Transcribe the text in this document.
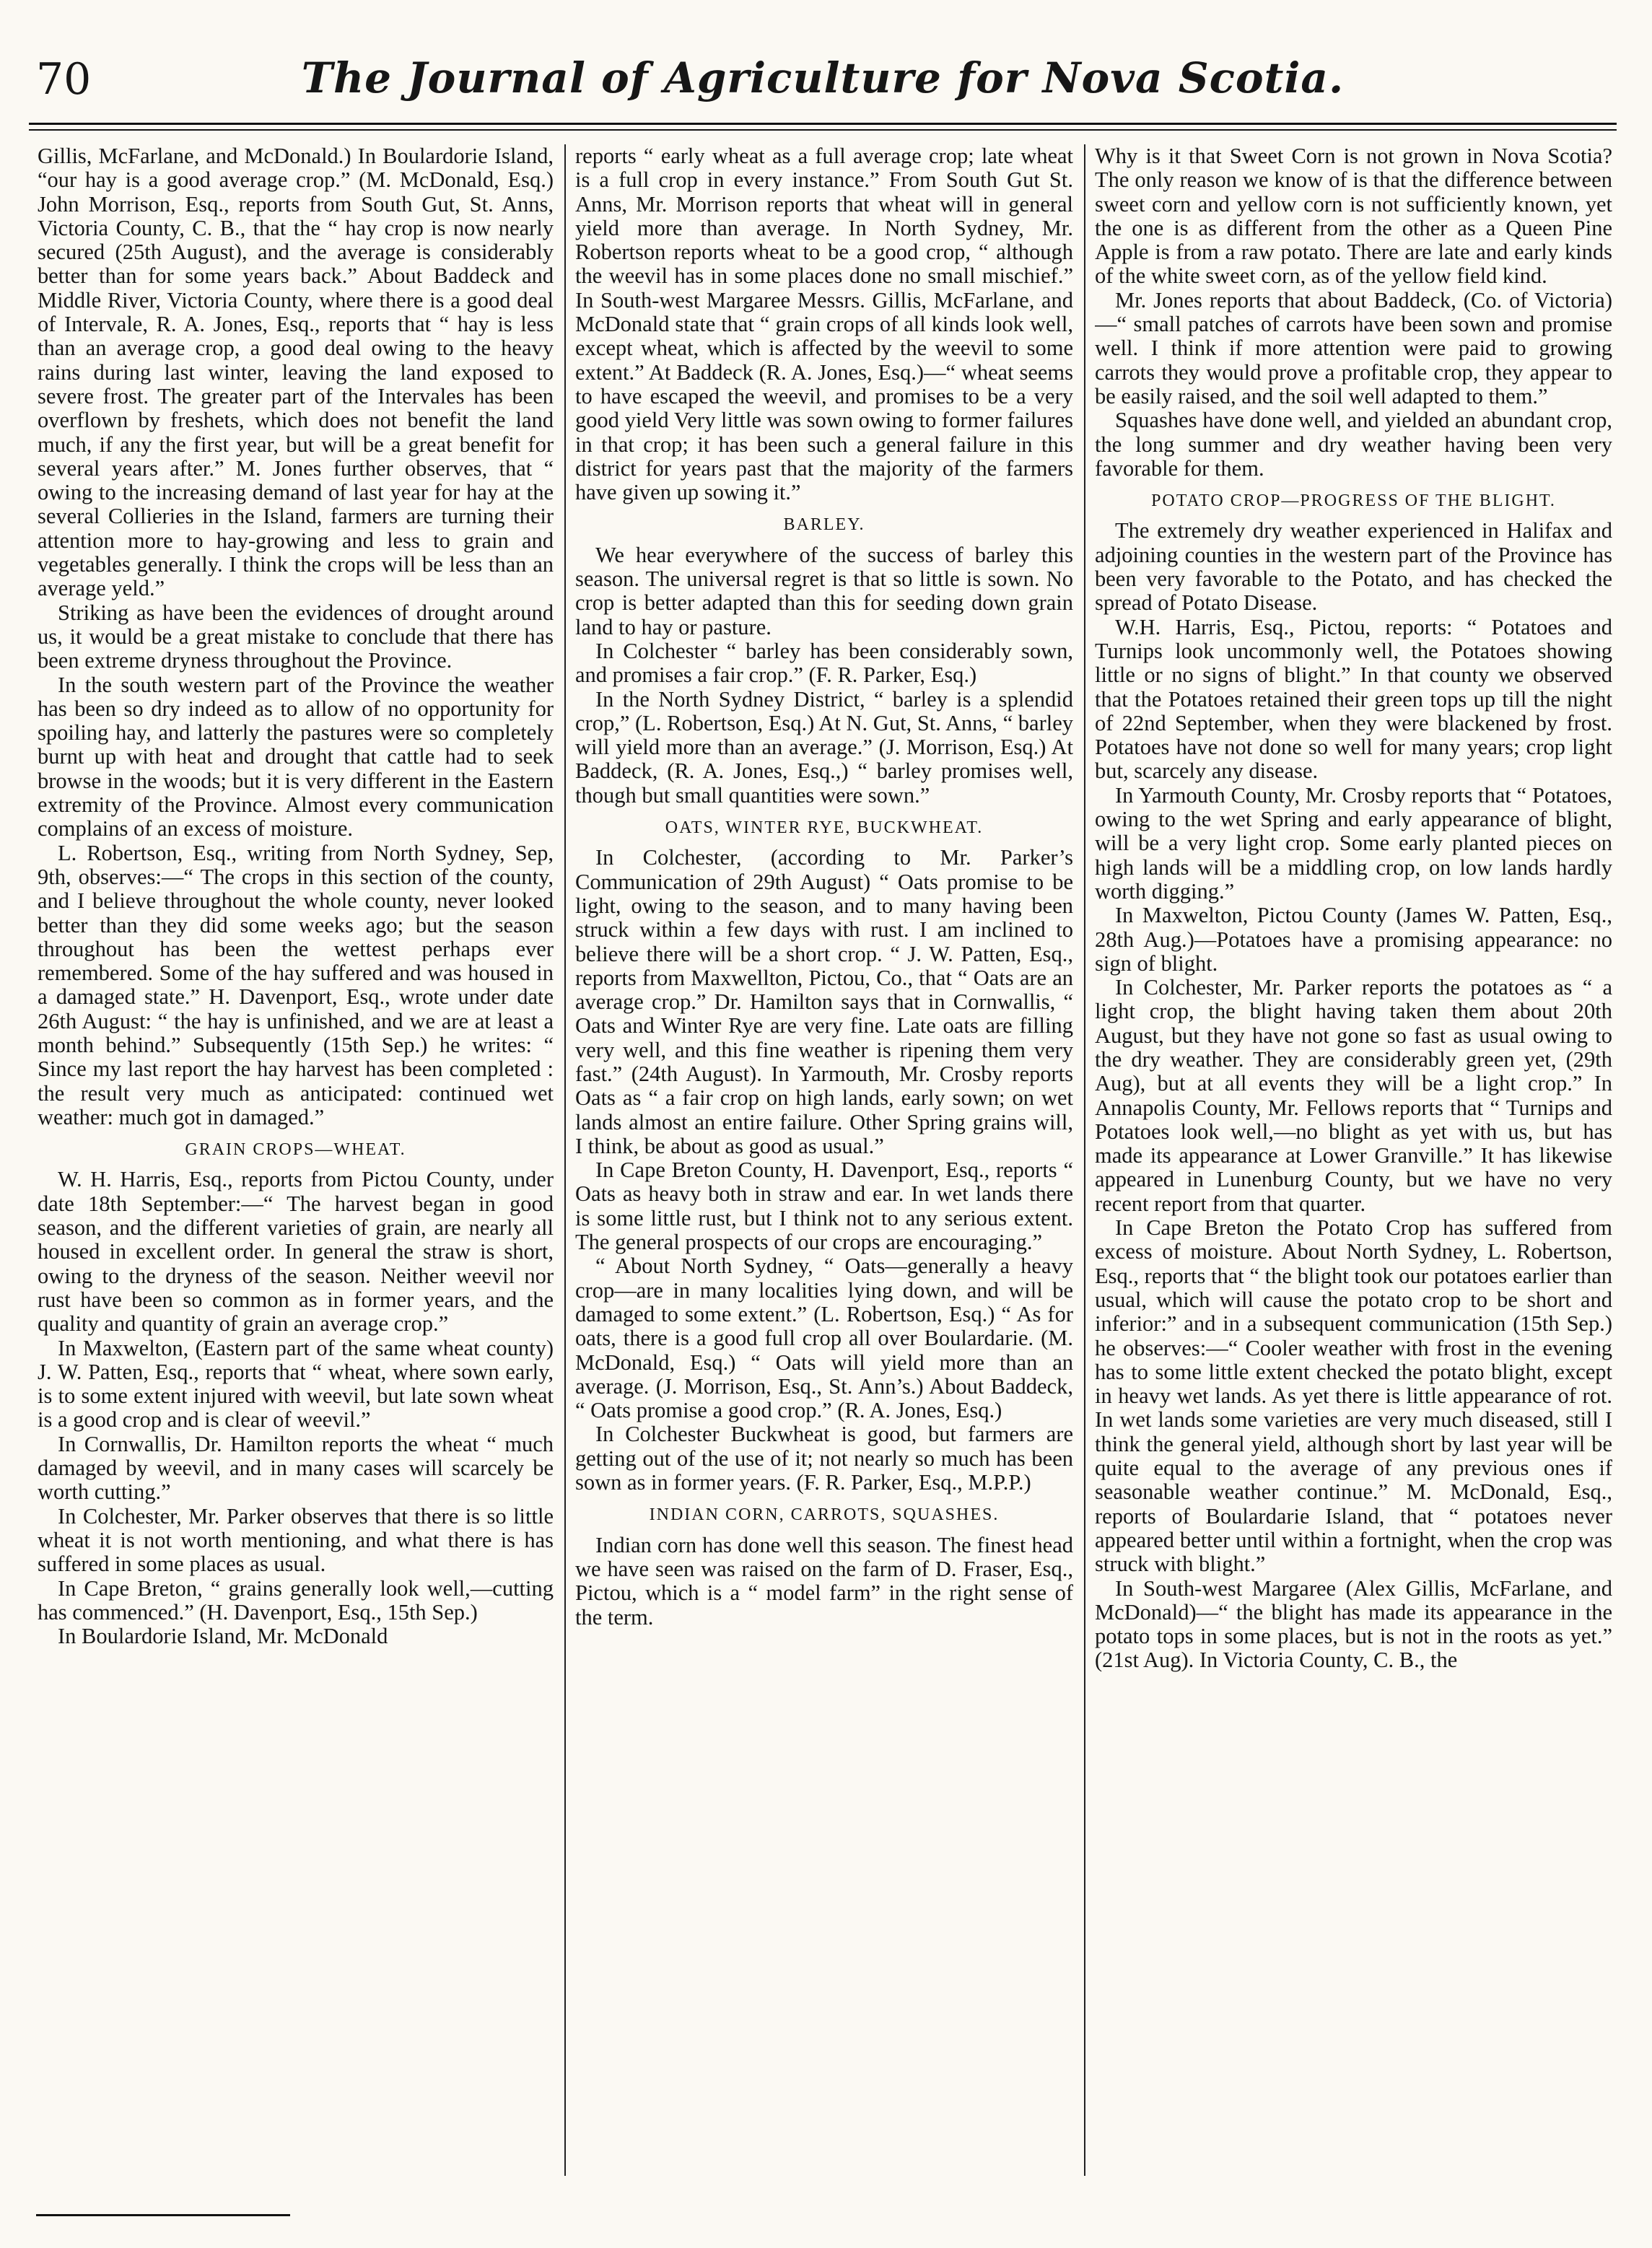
70	The Journal of Agriculture for Nova Scotia.

Gillis, McFarlane, and McDonald.) In Boulardorie Island, “our hay is a good average crop.” (M. McDonald, Esq.) John Morrison, Esq., reports from South Gut, St. Anns, Victoria County, C. B., that the “ hay crop is now nearly secured (25th August), and the average is considerably better than for some years back.” About Baddeck and Middle River, Victoria County, where there is a good deal of Intervale, R. A. Jones, Esq., reports that “ hay is less than an average crop, a good deal owing to the heavy rains during last winter, leaving the land exposed to severe frost. The greater part of the Intervales has been overflown by freshets, which does not benefit the land much, if any the first year, but will be a great benefit for several years after.” M. Jones further observes, that “ owing to the increasing demand of last year for hay at the several Collieries in the Island, farmers are turning their attention more to hay-growing and less to grain and vegetables generally. I think the crops will be less than an average yeld.”

Striking as have been the evidences of drought around us, it would be a great mistake to conclude that there has been extreme dryness throughout the Province.

In the south western part of the Province the weather has been so dry indeed as to allow of no opportunity for spoiling hay, and latterly the pastures were so completely burnt up with heat and drought that cattle had to seek browse in the woods; but it is very different in the Eastern extremity of the Province. Almost every communication complains of an excess of moisture.

L. Robertson, Esq., writing from North Sydney, Sep, 9th, observes:—“ The crops in this section of the county, and I believe throughout the whole county, never looked better than they did some weeks ago; but the season throughout has been the wettest perhaps ever remembered. Some of the hay suffered and was housed in a damaged state.” H. Davenport, Esq., wrote under date 26th August: “ the hay is unfinished, and we are at least a month behind.” Subsequently (15th Sep.) he writes: “ Since my last report the hay harvest has been completed : the result very much as anticipated: continued wet weather: much got in damaged.”

GRAIN CROPS—WHEAT.

W. H. Harris, Esq., reports from Pictou County, under date 18th September:—“ The harvest began in good season, and the different varieties of grain, are nearly all housed in excellent order. In general the straw is short, owing to the dryness of the season. Neither weevil nor rust have been so common as in former years, and the quality and quantity of grain an average crop.”

In Maxwelton, (Eastern part of the same wheat county) J. W. Patten, Esq., reports that “ wheat, where sown early, is to some extent injured with weevil, but late sown wheat is a good crop and is clear of weevil.”

In Cornwallis, Dr. Hamilton reports the wheat “ much damaged by weevil, and in many cases will scarcely be worth cutting.”

In Colchester, Mr. Parker observes that there is so little wheat it is not worth mentioning, and what there is has suffered in some places as usual.

In Cape Breton, “ grains generally look well,—cutting has commenced.” (H. Davenport, Esq., 15th Sep.)

In Boulardorie Island, Mr. McDonald

reports “ early wheat as a full average crop; late wheat is a full crop in every instance.” From South Gut St. Anns, Mr. Morrison reports that wheat will in general yield more than average. In North Sydney, Mr. Robertson reports wheat to be a good crop, “ although the weevil has in some places done no small mischief.” In South-west Margaree Messrs. Gillis, McFarlane, and McDonald state that “ grain crops of all kinds look well, except wheat, which is affected by the weevil to some extent.” At Baddeck (R. A. Jones, Esq.)—“ wheat seems to have escaped the weevil, and promises to be a very good yield Very little was sown owing to former failures in that crop; it has been such a general failure in this district for years past that the majority of the farmers have given up sowing it.”

BARLEY.

We hear everywhere of the success of barley this season. The universal regret is that so little is sown. No crop is better adapted than this for seeding down grain land to hay or pasture.

In Colchester “ barley has been considerably sown, and promises a fair crop.” (F. R. Parker, Esq.)

In the North Sydney District, “ barley is a splendid crop,” (L. Robertson, Esq.) At N. Gut, St. Anns, “ barley will yield more than an average.” (J. Morrison, Esq.) At Baddeck, (R. A. Jones, Esq.,) “ barley promises well, though but small quantities were sown.”

OATS, WINTER RYE, BUCKWHEAT.

In Colchester, (according to Mr. Parker’s Communication of 29th August) “ Oats promise to be light, owing to the season, and to many having been struck within a few days with rust. I am inclined to believe there will be a short crop. “ J. W. Patten, Esq., reports from Maxwellton, Pictou, Co., that “ Oats are an average crop.” Dr. Hamilton says that in Cornwallis, “ Oats and Winter Rye are very fine. Late oats are filling very well, and this fine weather is ripening them very fast.” (24th August). In Yarmouth, Mr. Crosby reports Oats as “ a fair crop on high lands, early sown; on wet lands almost an entire failure. Other Spring grains will, I think, be about as good as usual.”

In Cape Breton County, H. Davenport, Esq., reports “ Oats as heavy both in straw and ear. In wet lands there is some little rust, but I think not to any serious extent. The general prospects of our crops are encouraging.”

“ About North Sydney, “ Oats—generally a heavy crop—are in many localities lying down, and will be damaged to some extent.” (L. Robertson, Esq.) “ As for oats, there is a good full crop all over Boulardarie. (M. McDonald, Esq.) “ Oats will yield more than an average. (J. Morrison, Esq., St. Ann’s.) About Baddeck, “ Oats promise a good crop.” (R. A. Jones, Esq.)

In Colchester Buckwheat is good, but farmers are getting out of the use of it; not nearly so much has been sown as in former years. (F. R. Parker, Esq., M.P.P.)

INDIAN CORN, CARROTS, SQUASHES.

Indian corn has done well this season. The finest head we have seen was raised on the farm of D. Fraser, Esq., Pictou, which is a “ model farm” in the right sense of the term.

Why is it that Sweet Corn is not grown in Nova Scotia? The only reason we know of is that the difference between sweet corn and yellow corn is not sufficiently known, yet the one is as different from the other as a Queen Pine Apple is from a raw potato. There are late and early kinds of the white sweet corn, as of the yellow field kind.

Mr. Jones reports that about Baddeck, (Co. of Victoria)—“ small patches of carrots have been sown and promise well. I think if more attention were paid to growing carrots they would prove a profitable crop, they appear to be easily raised, and the soil well adapted to them.”

Squashes have done well, and yielded an abundant crop, the long summer and dry weather having been very favorable for them.

POTATO CROP—PROGRESS OF THE BLIGHT.

The extremely dry weather experienced in Halifax and adjoining counties in the western part of the Province has been very favorable to the Potato, and has checked the spread of Potato Disease.

W.H. Harris, Esq., Pictou, reports: “ Potatoes and Turnips look uncommonly well, the Potatoes showing little or no signs of blight.” In that county we observed that the Potatoes retained their green tops up till the night of 22nd September, when they were blackened by frost. Potatoes have not done so well for many years; crop light but, scarcely any disease.

In Yarmouth County, Mr. Crosby reports that “ Potatoes, owing to the wet Spring and early appearance of blight, will be a very light crop. Some early planted pieces on high lands will be a middling crop, on low lands hardly worth digging.”

In Maxwelton, Pictou County (James W. Patten, Esq., 28th Aug.)—Potatoes have a promising appearance: no sign of blight.

In Colchester, Mr. Parker reports the potatoes as “ a light crop, the blight having taken them about 20th August, but they have not gone so fast as usual owing to the dry weather. They are considerably green yet, (29th Aug), but at all events they will be a light crop.” In Annapolis County, Mr. Fellows reports that “ Turnips and Potatoes look well,—no blight as yet with us, but has made its appearance at Lower Granville.” It has likewise appeared in Lunenburg County, but we have no very recent report from that quarter.

In Cape Breton the Potato Crop has suffered from excess of moisture. About North Sydney, L. Robertson, Esq., reports that “ the blight took our potatoes earlier than usual, which will cause the potato crop to be short and inferior:” and in a subsequent communication (15th Sep.) he observes:—“ Cooler weather with frost in the evening has to some little extent checked the potato blight, except in heavy wet lands. As yet there is little appearance of rot. In wet lands some varieties are very much diseased, still I think the general yield, although short by last year will be quite equal to the average of any previous ones if seasonable weather continue.” M. McDonald, Esq., reports of Boulardarie Island, that “ potatoes never appeared better until within a fortnight, when the crop was struck with blight.”

In South-west Margaree (Alex Gillis, McFarlane, and McDonald)—“ the blight has made its appearance in the potato tops in some places, but is not in the roots as yet.” (21st Aug). In Victoria County, C. B., the
